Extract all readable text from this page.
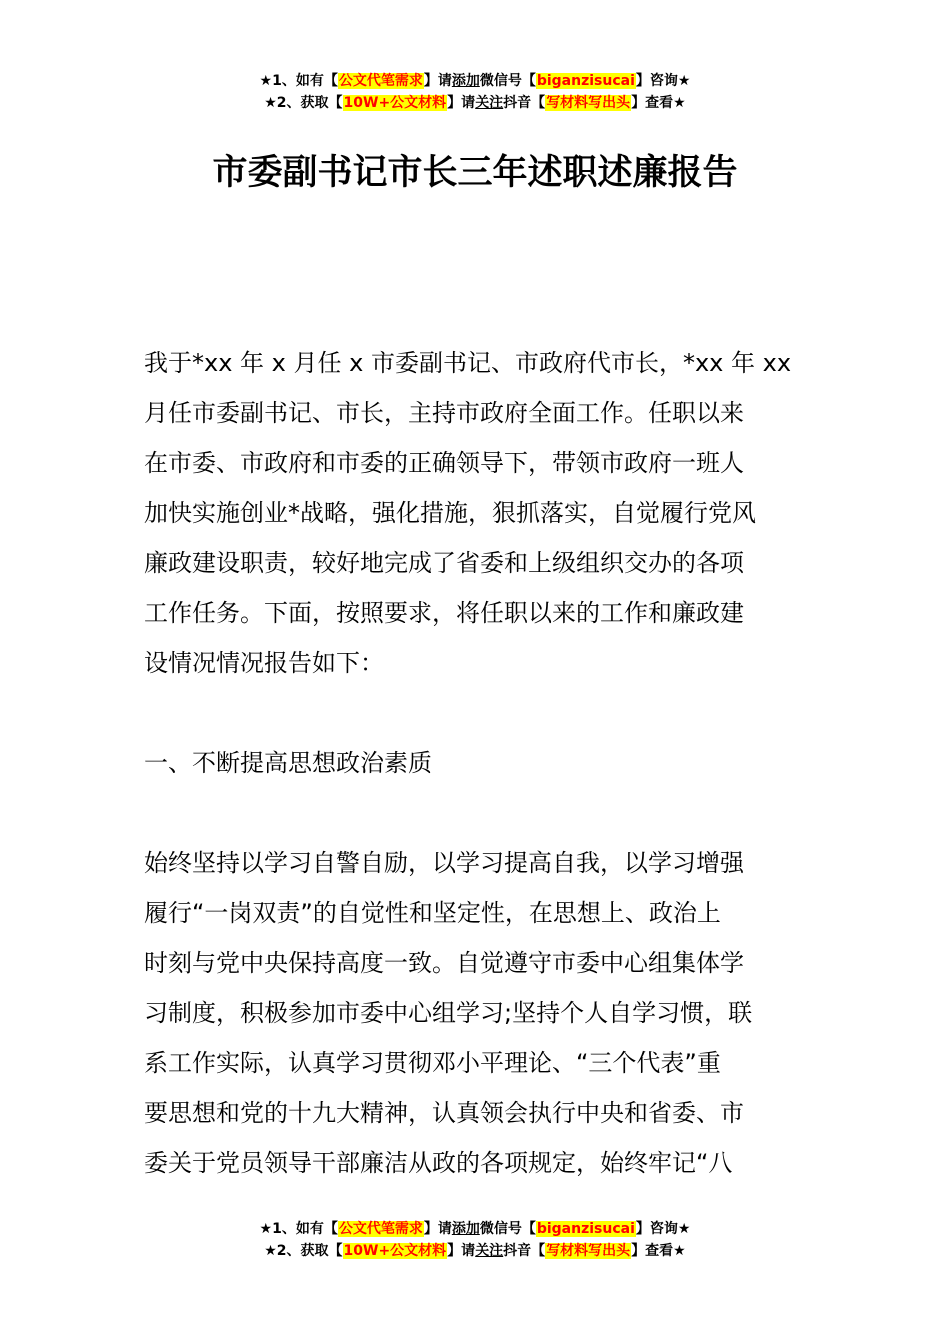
★1、如有【公文代笔需求】请添加微信号【biganzisucai】咨询★
★2、获取【10W+公文材料】请关注抖音【写材料写出头】查看★
市委副书记市长三年述职述廉报告
我于*xx 年 x 月任 x 市委副书记、市政府代市长，*xx 年 xx
月任市委副书记、市长，主持市政府全面工作。任职以来
在市委、市政府和市委的正确领导下，带领市政府一班人
加快实施创业*战略，强化措施，狠抓落实，自觉履行党风
廉政建设职责，较好地完成了省委和上级组织交办的各项
工作任务。下面，按照要求，将任职以来的工作和廉政建
设情况情况报告如下：
一、不断提高思想政治素质
始终坚持以学习自警自励，以学习提高自我，以学习增强
履行“一岗双责”的自觉性和坚定性，在思想上、政治上
时刻与党中央保持高度一致。自觉遵守市委中心组集体学
习制度，积极参加市委中心组学习;坚持个人自学习惯，联
系工作实际，认真学习贯彻邓小平理论、“三个代表”重
要思想和党的十九大精神，认真领会执行中央和省委、市
委关于党员领导干部廉洁从政的各项规定，始终牢记“八
★1、如有【公文代笔需求】请添加微信号【biganzisucai】咨询★
★2、获取【10W+公文材料】请关注抖音【写材料写出头】查看★
